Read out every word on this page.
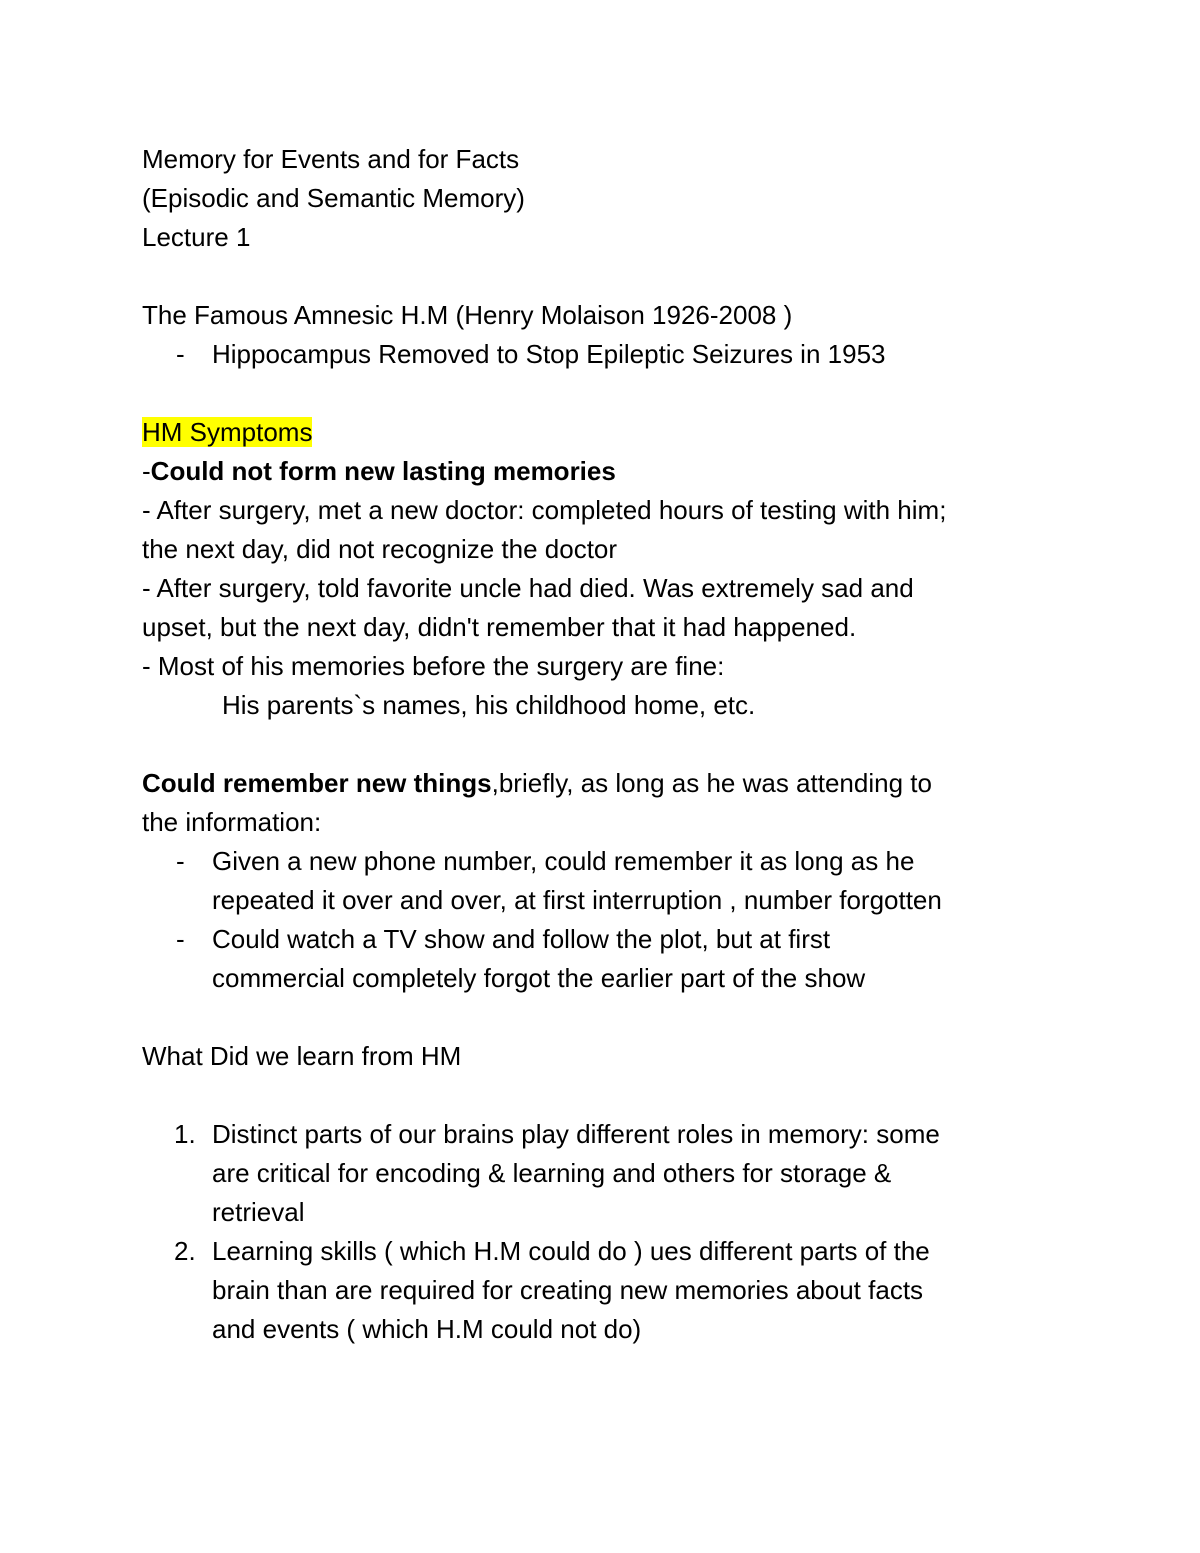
Memory for Events and for Facts
(Episodic and Semantic Memory)
Lecture 1
The Famous Amnesic H.M (Henry Molaison 1926-2008 )
- Hippocampus Removed to Stop Epileptic Seizures in 1953
HM Symptoms
-Could not form new lasting memories
- After surgery, met a new doctor: completed hours of testing with him;
the next day, did not recognize the doctor
- After surgery, told favorite uncle had died. Was extremely sad and
upset, but the next day, didn't remember that it had happened.
- Most of his memories before the surgery are fine:
His parents`s names, his childhood home, etc.
Could remember new things,briefly, as long as he was attending to
the information:
- Given a new phone number, could remember it as long as he
repeated it over and over, at first interruption , number forgotten
- Could watch a TV show and follow the plot, but at first
commercial completely forgot the earlier part of the show
What Did we learn from HM
1. Distinct parts of our brains play different roles in memory: some
are critical for encoding & learning and others for storage &
retrieval
2. Learning skills ( which H.M could do ) ues different parts of the
brain than are required for creating new memories about facts
and events ( which H.M could not do)
